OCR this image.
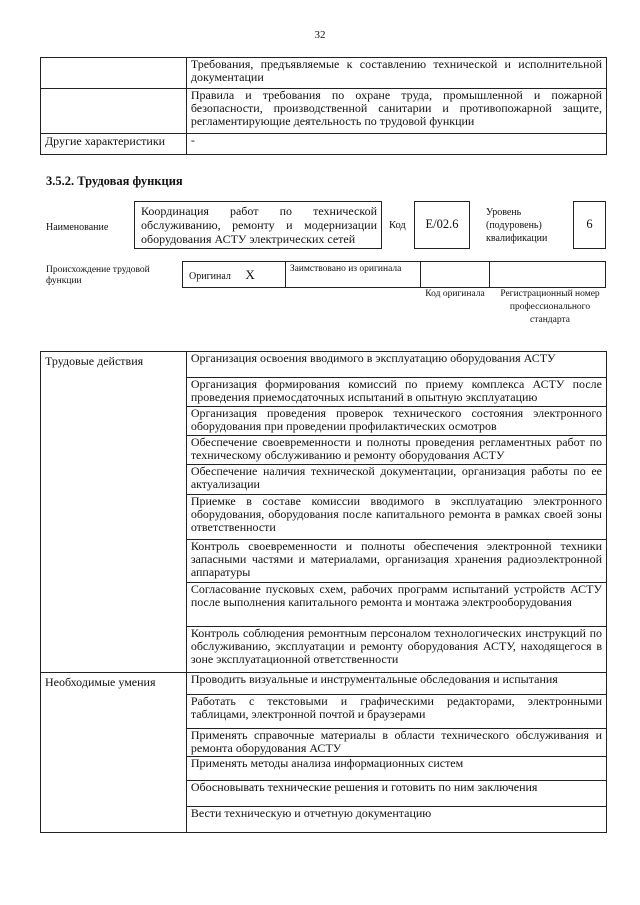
32
	Требования, предъявляемые к составлению технической и исполнительной документации
	Правила и требования по охране труда, промышленной и пожарной безопасности, производственной санитарии и противопожарной защите, регламентирующие деятельность по трудовой функции
Другие характеристики	-
3.5.2. Трудовая функция
Наименование
Координация работ по технической обслуживанию, ремонту и модернизации оборудования АСТУ электрических сетей
Код	E/02.6
Уровень (подуровень) квалификации
6
Происхождение трудовой функции	Оригинал X	Заимствовано из оригинала		
Код оригинала	Регистрационный номер профессионального стандарта
Трудовые действия	Организация освоения вводимого в эксплуатацию оборудования АСТУ
	Организация формирования комиссий по приему комплекса АСТУ после проведения приемосдаточных испытаний в опытную эксплуатацию
	Организация проведения проверок технического состояния электронного оборудования при проведении профилактических осмотров
	Обеспечение своевременности и полноты проведения регламентных работ по техническому обслуживанию и ремонту оборудования АСТУ
	Обеспечение наличия технической документации, организация работы по ее актуализации
	Приемке в составе комиссии вводимого в эксплуатацию электронного оборудования, оборудования после капитального ремонта в рамках своей зоны ответственности
	Контроль своевременности и полноты обеспечения электронной техники запасными частями и материалами, организация хранения радиоэлектронной аппаратуры
	Согласование пусковых схем, рабочих программ испытаний устройств АСТУ после выполнения капитального ремонта и монтажа электрооборудования
	Контроль соблюдения ремонтным персоналом технологических инструкций по обслуживанию, эксплуатации и ремонту оборудования АСТУ, находящегося в зоне эксплуатационной ответственности
Необходимые умения	Проводить визуальные и инструментальные обследования и испытания
	Работать с текстовыми и графическими редакторами, электронными таблицами, электронной почтой и браузерами
	Применять справочные материалы в области технического обслуживания и ремонта оборудования АСТУ
	Применять методы анализа информационных систем
	Обосновывать технические решения и готовить по ним заключения
	Вести техническую и отчетную документацию
